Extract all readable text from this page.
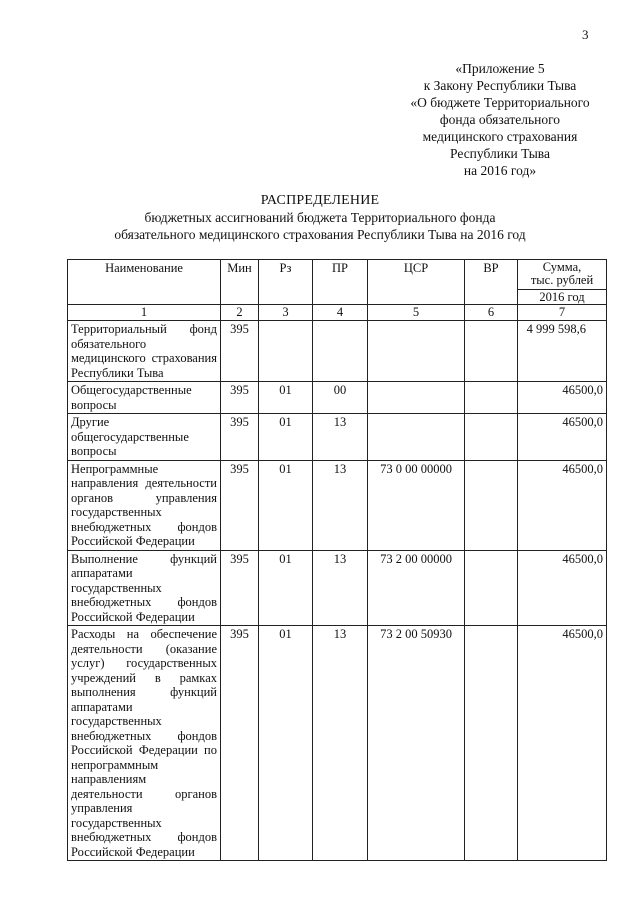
3
«Приложение 5
к Закону Республики Тыва
«О бюджете Территориального
фонда обязательного
медицинского страхования
Республики Тыва
на 2016 год»
РАСПРЕДЕЛЕНИЕ
бюджетных ассигнований бюджета Территориального фонда
обязательного медицинского страхования Республики Тыва на 2016 год
Наименование	Мин	Рз	ПР	ЦСР	ВР	Сумма,
тыс. рублей
2016 год

1	2	3	4	5	6	7
Территориальный фонд обязательного медицинского страхования Республики Тыва	395					4 999 598,6
Общегосударственные вопросы	395	01	00			46500,0
Другие общегосударственные вопросы	395	01	13			46500,0
Непрограммные направления деятельности органов управления государственных внебюджетных фондов Российской Федерации	395	01	13	73 0 00 00000		46500,0
Выполнение функций аппаратами государственных внебюджетных фондов Российской Федерации	395	01	13	73 2 00 00000		46500,0
Расходы на обеспечение деятельности (оказание услуг) государственных учреждений в рамках выполнения функций аппаратами государственных внебюджетных фондов Российской Федерации по непрограммным направлениям деятельности органов управления государственных внебюджетных фондов Российской Федерации	395	01	13	73 2 00 50930		46500,0
